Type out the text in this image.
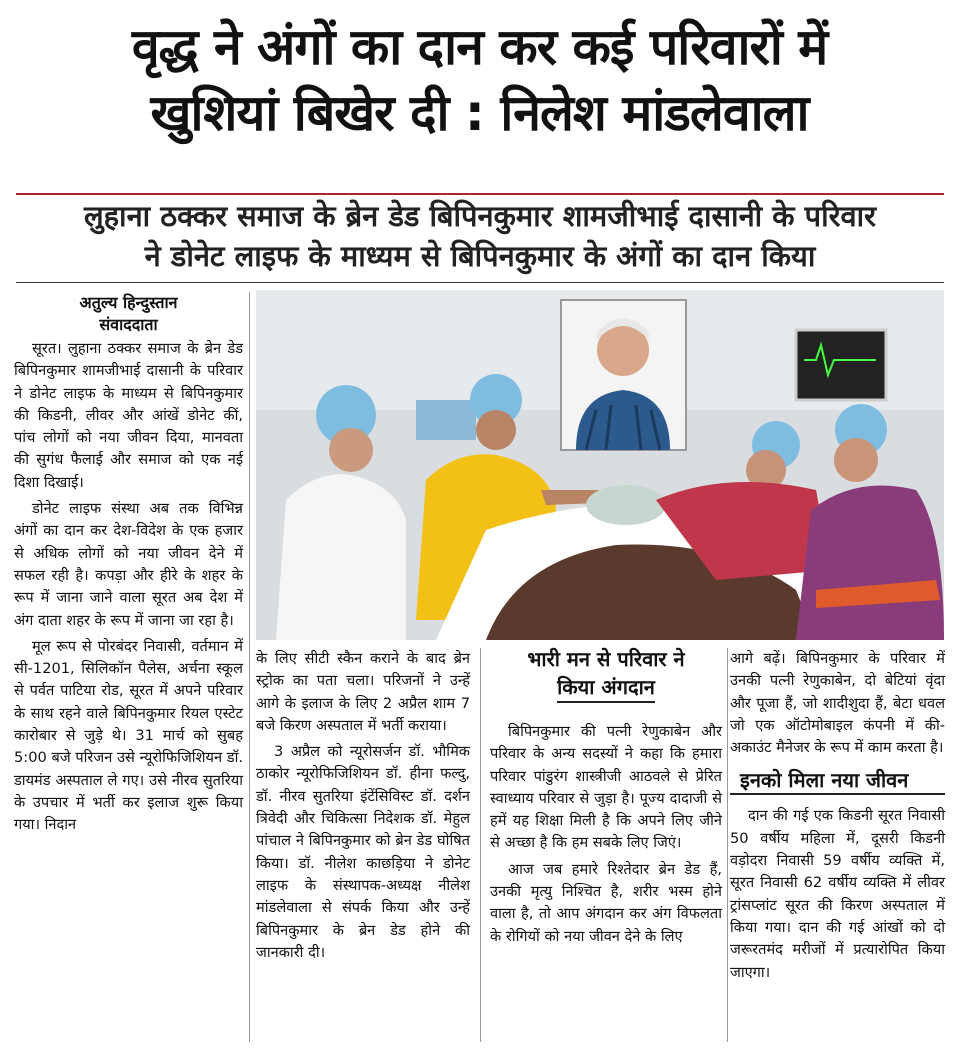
वृद्ध ने अंगों का दान कर कई परिवारों में
खुशियां बिखेर दी : निलेश मांडलेवाला
लुहाना ठक्कर समाज के ब्रेन डेड बिपिनकुमार शामजीभाई दासानी के परिवार
ने डोनेट लाइफ के माध्यम से बिपिनकुमार के अंगों का दान किया
अतुल्य हिन्दुस्तान
संवाददाता

सूरत। लुहाना ठक्कर समाज के ब्रेन डेड बिपिनकुमार शामजीभाई दासानी के परिवार ने डोनेट लाइफ के माध्यम से बिपिनकुमार की किडनी, लीवर और आंखें डोनेट कीं, पांच लोगों को नया जीवन दिया, मानवता की सुगंध फैलाई और समाज को एक नई दिशा दिखाई।

डोनेट लाइफ संस्था अब तक विभिन्न अंगों का दान कर देश-विदेश के एक हजार से अधिक लोगों को नया जीवन देने में सफल रही है। कपड़ा और हीरे के शहर के रूप में जाना जाने वाला सूरत अब देश में अंग दाता शहर के रूप में जाना जा रहा है।

मूल रूप से पोरबंदर निवासी, वर्तमान में सी-1201, सिलिकॉन पैलेस, अर्चना स्कूल से पर्वत पाटिया रोड, सूरत में अपने परिवार के साथ रहने वाले बिपिनकुमार रियल एस्टेट कारोबार से जुड़े थे। 31 मार्च को सुबह 5:00 बजे परिजन उसे न्यूरोफिजिशियन डॉ. डायमंड अस्पताल ले गए। उसे नीरव सुतरिया के उपचार में भर्ती कर इलाज शुरू किया गया। निदान

के लिए सीटी स्कैन कराने के बाद ब्रेन स्ट्रोक का पता चला। परिजनों ने उन्हें आगे के इलाज के लिए 2 अप्रैल शाम 7 बजे किरण अस्पताल में भर्ती कराया।

3 अप्रैल को न्यूरोसर्जन डॉ. भौमिक ठाकोर न्यूरोफिजिशियन डॉ. हीना फल्दु, डॉ. नीरव सुतरिया इंटेंसिविस्ट डॉ. दर्शन त्रिवेदी और चिकित्सा निदेशक डॉ. मेहुल पांचाल ने बिपिनकुमार को ब्रेन डेड घोषित किया। डॉ. नीलेश काछड़िया ने डोनेट लाइफ के संस्थापक-अध्यक्ष नीलेश मांडलेवाला से संपर्क किया और उन्हें बिपिनकुमार के ब्रेन डेड होने की जानकारी दी।

भारी मन से परिवार ने
किया अंगदान

बिपिनकुमार की पत्नी रेणुकाबेन और परिवार के अन्य सदस्यों ने कहा कि हमारा परिवार पांडुरंग शास्त्रीजी आठवले से प्रेरित स्वाध्याय परिवार से जुड़ा है। पूज्य दादाजी से हमें यह शिक्षा मिली है कि अपने लिए जीने से अच्छा है कि हम सबके लिए जिएं।

आज जब हमारे रिश्तेदार ब्रेन डेड हैं, उनकी मृत्यु निश्चित है, शरीर भस्म होने वाला है, तो आप अंगदान कर अंग विफलता के रोगियों को नया जीवन देने के लिए

आगे बढ़ें। बिपिनकुमार के परिवार में उनकी पत्नी रेणुकाबेन, दो बेटियां वृंदा और पूजा हैं, जो शादीशुदा हैं, बेटा धवल जो एक ऑटोमोबाइल कंपनी में की-अकाउंट मैनेजर के रूप में काम करता है।

इनको मिला नया जीवन

दान की गई एक किडनी सूरत निवासी 50 वर्षीय महिला में, दूसरी किडनी वड़ोदरा निवासी 59 वर्षीय व्यक्ति में, सूरत निवासी 62 वर्षीय व्यक्ति में लीवर ट्रांसप्लांट सूरत की किरण अस्पताल में किया गया। दान की गई आंखों को दो जरूरतमंद मरीजों में प्रत्यारोपित किया जाएगा।
